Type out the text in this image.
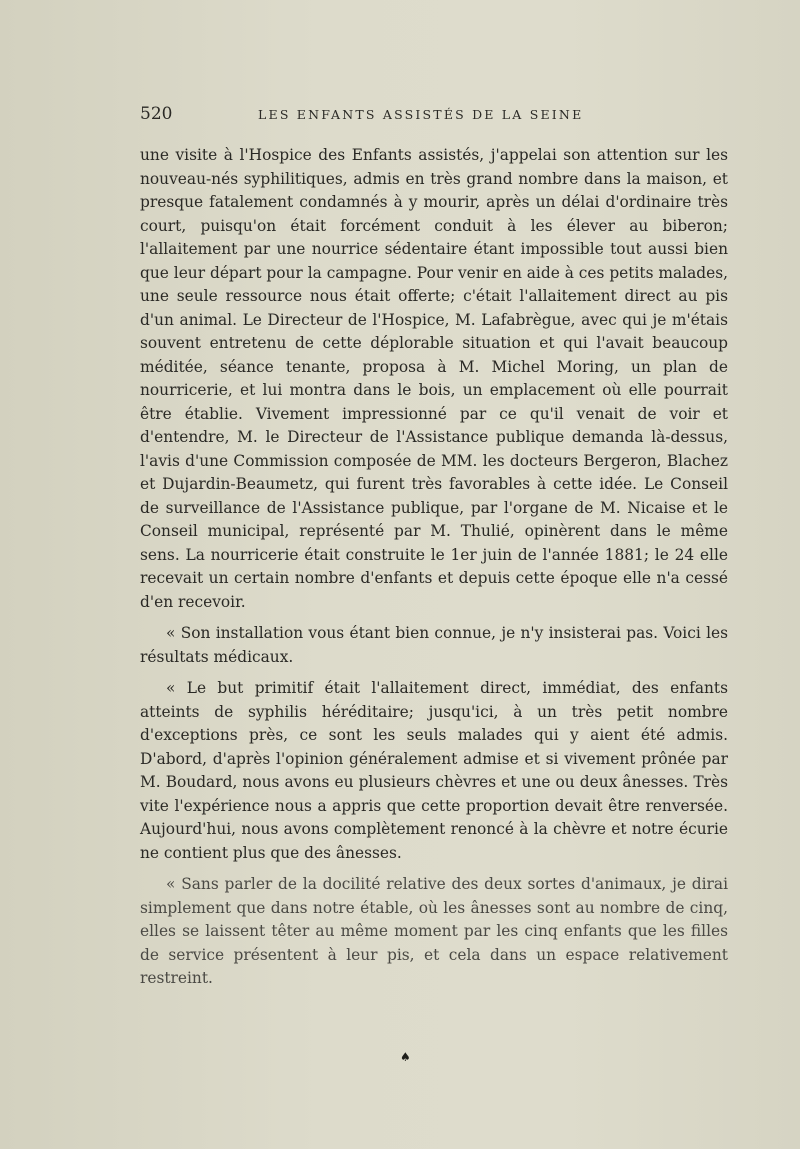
520	LES ENFANTS ASSISTÉS DE LA SEINE

une visite à l'Hospice des Enfants assistés, j'appelai son attention sur les nouveau-nés syphilitiques, admis en très grand nombre dans la maison, et presque fatalement condamnés à y mourir, après un délai d'ordinaire très court, puisqu'on était forcément conduit à les élever au biberon; l'allaitement par une nourrice sédentaire étant impossible tout aussi bien que leur départ pour la campagne. Pour venir en aide à ces petits malades, une seule ressource nous était offerte; c'était l'allaitement direct au pis d'un animal. Le Directeur de l'Hospice, M. Lafabrègue, avec qui je m'étais souvent entretenu de cette déplorable situation et qui l'avait beaucoup méditée, séance tenante, proposa à M. Michel Moring, un plan de nourricerie, et lui montra dans le bois, un emplacement où elle pourrait être établie. Vivement impressionné par ce qu'il venait de voir et d'entendre, M. le Directeur de l'Assistance publique demanda là-dessus, l'avis d'une Commission composée de MM. les docteurs Bergeron, Blachez et Dujardin-Beaumetz, qui furent très favorables à cette idée. Le Conseil de surveillance de l'Assistance publique, par l'organe de M. Nicaise et le Conseil municipal, représenté par M. Thulié, opinèrent dans le même sens. La nourricerie était construite le 1er juin de l'année 1881; le 24 elle recevait un certain nombre d'enfants et depuis cette époque elle n'a cessé d'en recevoir.

« Son installation vous étant bien connue, je n'y insisterai pas. Voici les résultats médicaux.

« Le but primitif était l'allaitement direct, immédiat, des enfants atteints de syphilis héréditaire; jusqu'ici, à un très petit nombre d'exceptions près, ce sont les seuls malades qui y aient été admis. D'abord, d'après l'opinion généralement admise et si vivement prônée par M. Boudard, nous avons eu plusieurs chèvres et une ou deux ânesses. Très vite l'expérience nous a appris que cette proportion devait être renversée. Aujourd'hui, nous avons complètement renoncé à la chèvre et notre écurie ne contient plus que des ânesses.

« Sans parler de la docilité relative des deux sortes d'animaux, je dirai simplement que dans notre étable, où les ânesses sont au nombre de cinq, elles se laissent têter au même moment par les cinq enfants que les filles de service présentent à leur pis, et cela dans un espace relativement restreint.

♠
